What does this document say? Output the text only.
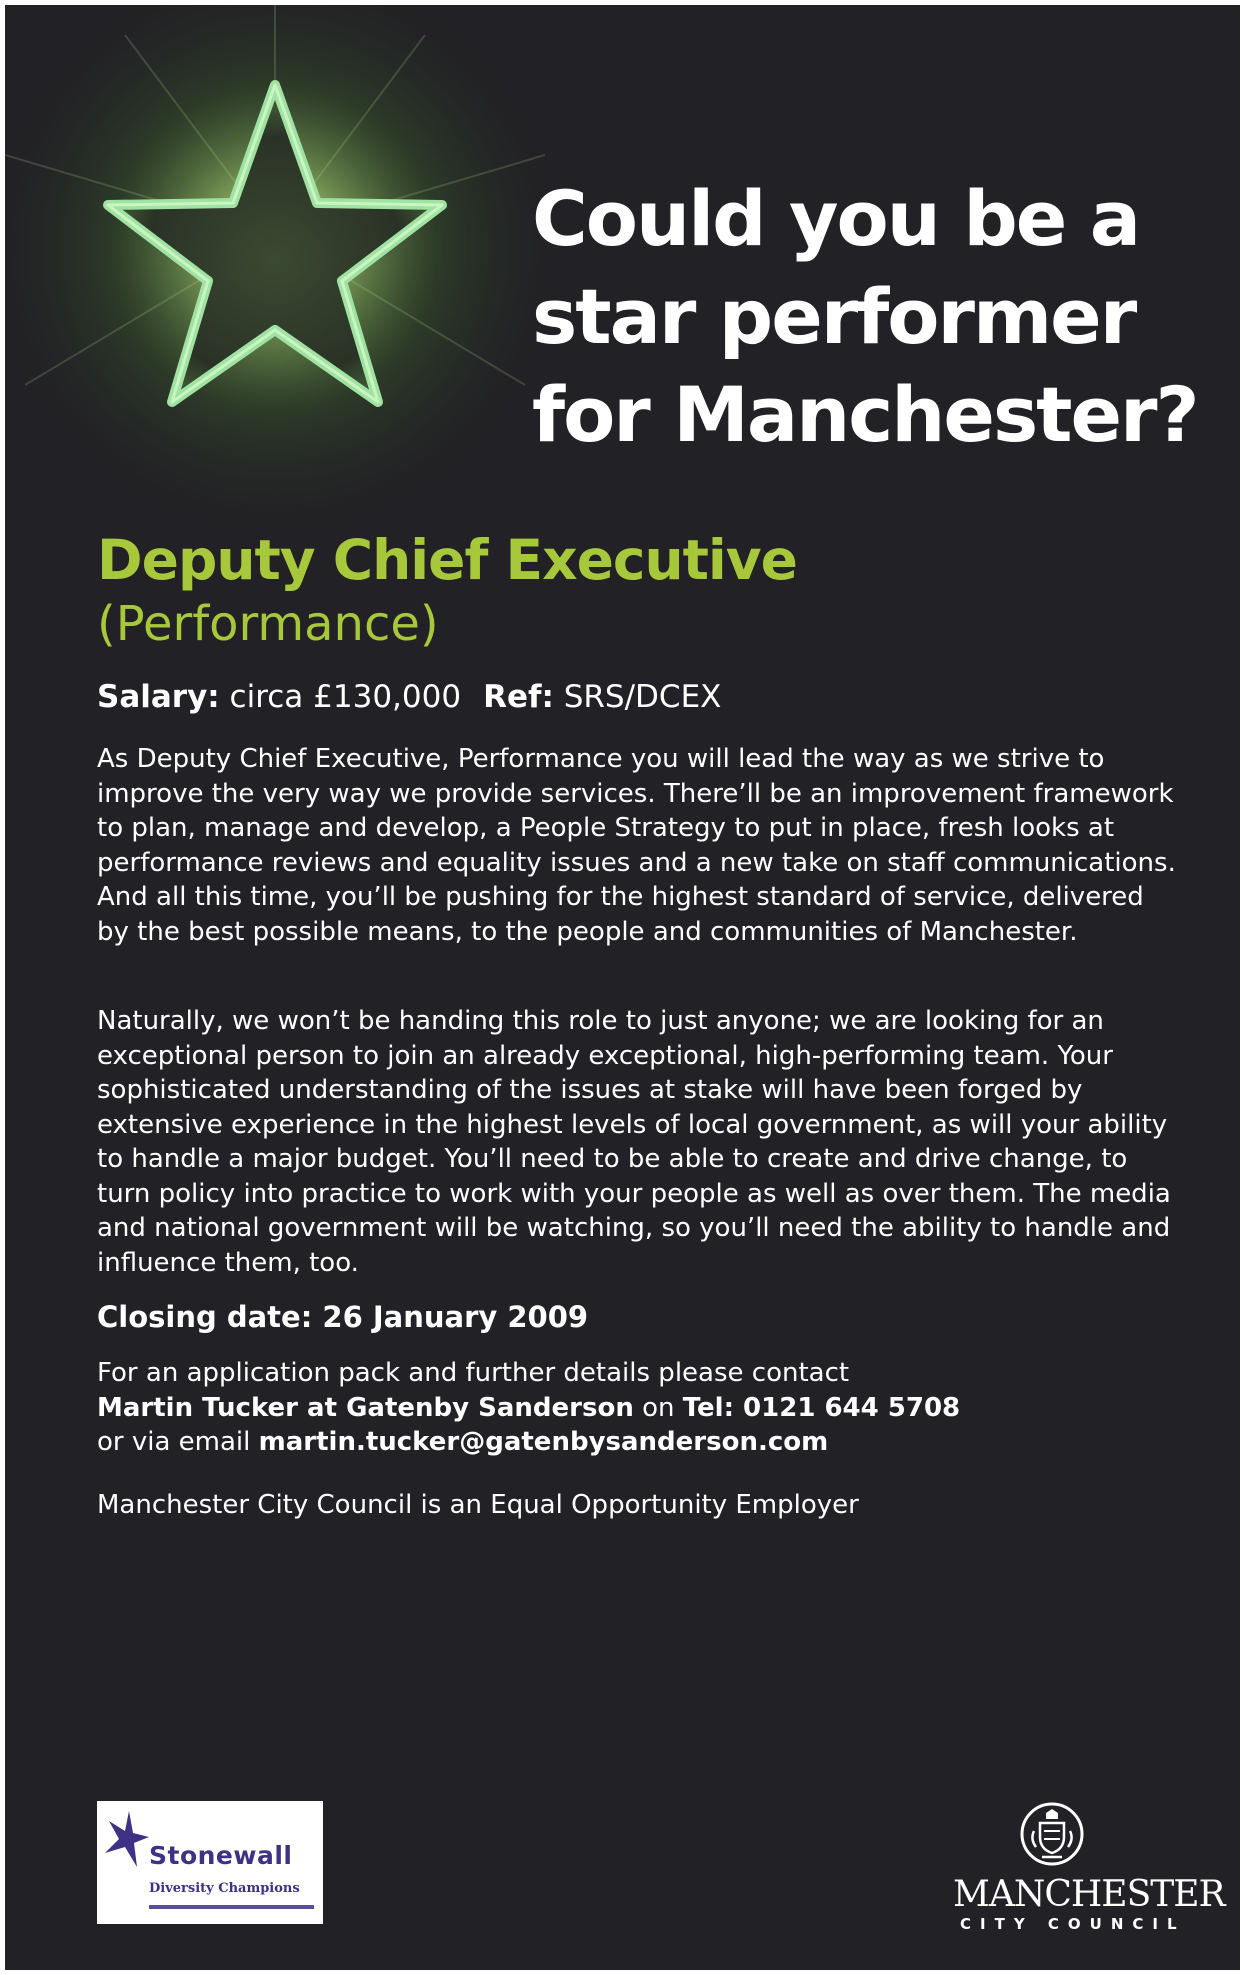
Could you be a
star performer
for Manchester?
Deputy Chief Executive
(Performance)
Salary: circa £130,000 Ref: SRS/DCEX

As Deputy Chief Executive, Performance you will lead the way as we strive to improve the very way we provide services. There’ll be an improvement framework to plan, manage and develop, a People Strategy to put in place, fresh looks at performance reviews and equality issues and a new take on staff communications. And all this time, you’ll be pushing for the highest standard of service, delivered by the best possible means, to the people and communities of Manchester.

Naturally, we won’t be handing this role to just anyone; we are looking for an exceptional person to join an already exceptional, high-performing team. Your sophisticated understanding of the issues at stake will have been forged by extensive experience in the highest levels of local government, as will your ability to handle a major budget. You’ll need to be able to create and drive change, to turn policy into practice to work with your people as well as over them. The media and national government will be watching, so you’ll need the ability to handle and influence them, too.

Closing date: 26 January 2009

For an application pack and further details please contact
Martin Tucker at Gatenby Sanderson on Tel: 0121 644 5708
or via email martin.tucker@gatenbysanderson.com

Manchester City Council is an Equal Opportunity Employer

Stonewall
Diversity Champions	MANCHESTER
CITY COUNCIL
